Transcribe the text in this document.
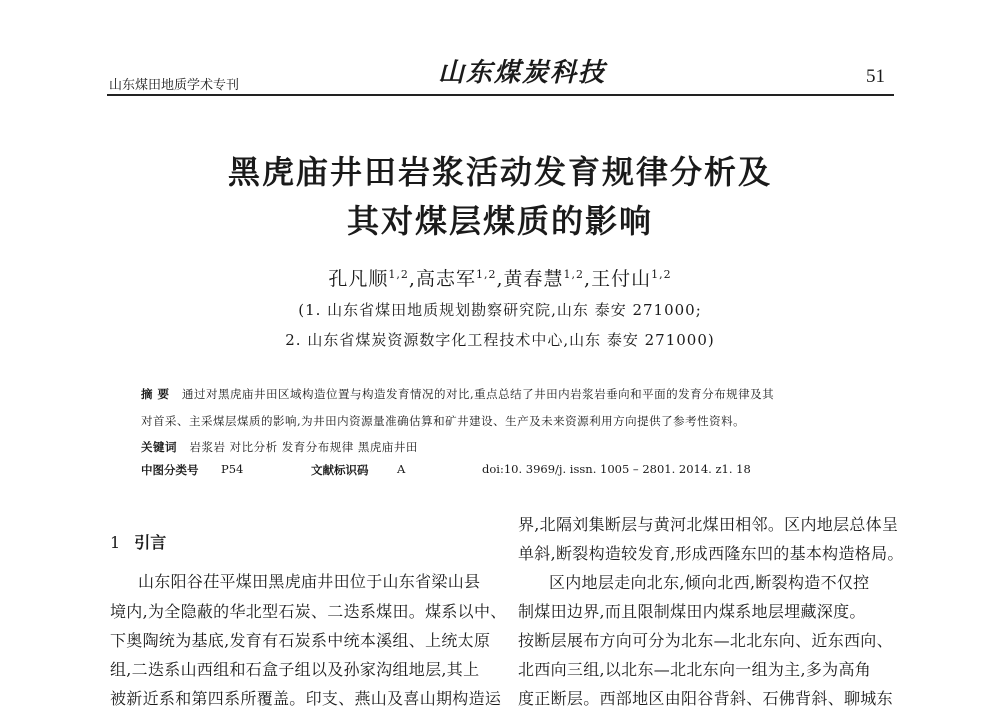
山东煤田地质学术专刊	山东煤炭科技	51
黑虎庙井田岩浆活动发育规律分析及
其对煤层煤质的影响
孔凡顺$^{1,2}$,高志军$^{1,2}$,黄春慧$^{1,2}$,王付山$^{1,2}$
(1. 山东省煤田地质规划勘察研究院,山东 泰安 271000;
2. 山东省煤炭资源数字化工程技术中心,山东 泰安 271000)
摘 要 通过对黑虎庙井田区域构造位置与构造发育情况的对比,重点总结了井田内岩浆岩垂向和平面的发育分布规律及其
对首采、主采煤层煤质的影响,为井田内资源量准确估算和矿井建设、生产及未来资源利用方向提供了参考性资料。
关键词 岩浆岩 对比分析 发育分布规律 黑虎庙井田
中图分类号 P54	文献标识码 A	doi:10. 3969/j. issn. 1005 – 2801. 2014. z1. 18
1 引言
山东阳谷茌平煤田黑虎庙井田位于山东省梁山县
境内,为全隐蔽的华北型石炭、二迭系煤田。煤系以中、
下奥陶统为基底,发育有石炭系中统本溪组、上统太原
组,二迭系山西组和石盒子组以及孙家沟组地层,其上
被新近系和第四系所覆盖。印支、燕山及喜山期构造运
界,北隔刘集断层与黄河北煤田相邻。区内地层总体呈
单斜,断裂构造较发育,形成西隆东凹的基本构造格局。
区内地层走向北东,倾向北西,断裂构造不仅控
制煤田边界,而且限制煤田内煤系地层埋藏深度。
按断层展布方向可分为北东—北北东向、近东西向、
北西向三组,以北东—北北东向一组为主,多为高角
度正断层。西部地区由阳谷背斜、石佛背斜、聊城东
